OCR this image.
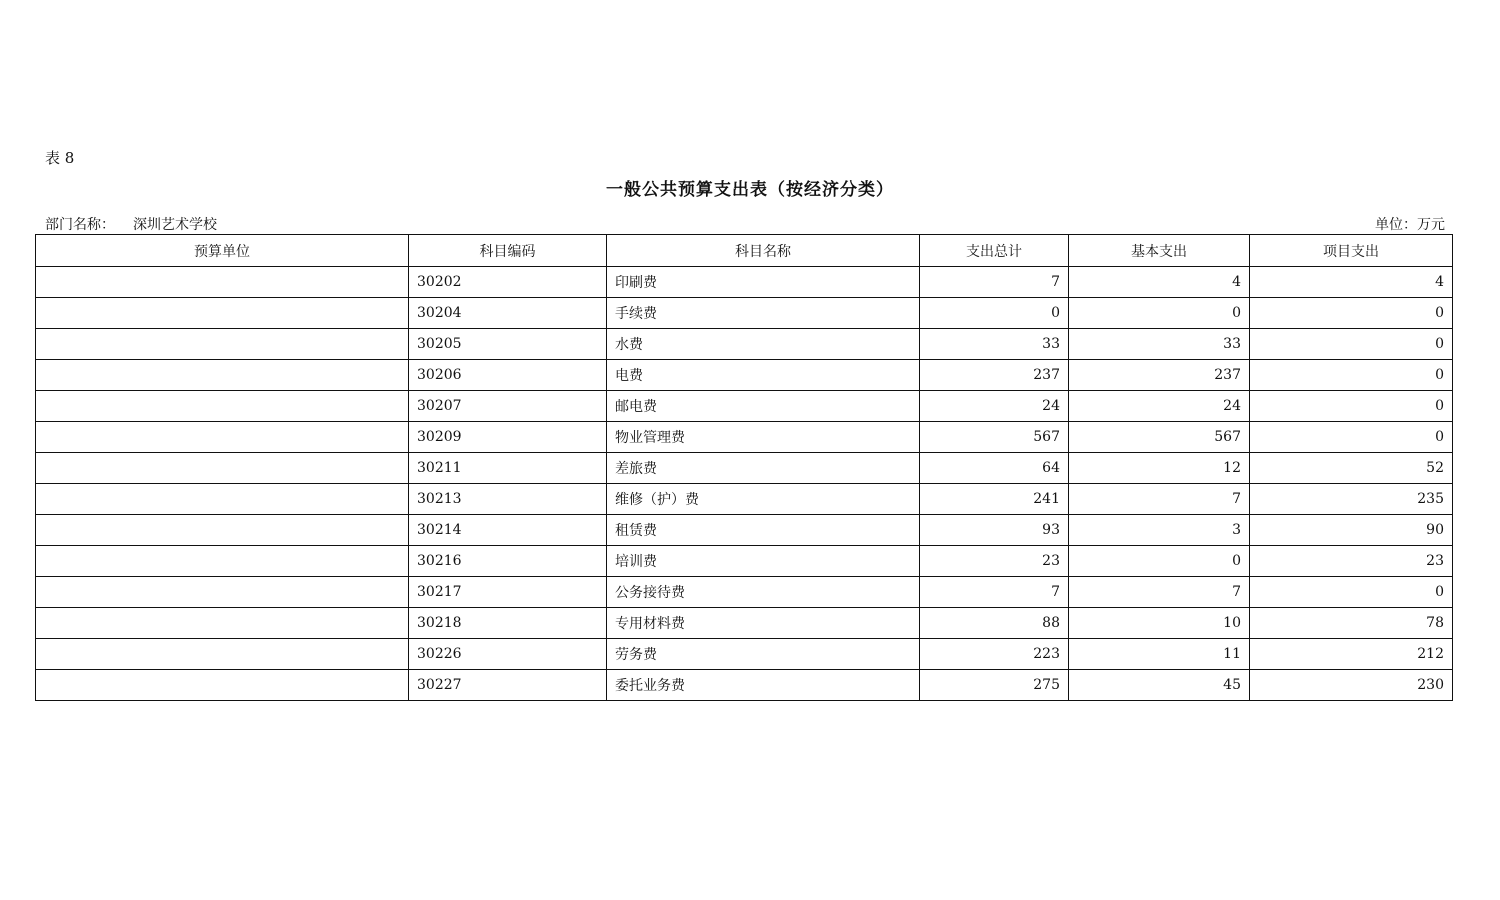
表 8
一般公共预算支出表（按经济分类）
部门名称： 深圳艺术学校	单位：万元
预算单位	科目编码	科目名称	支出总计	基本支出	项目支出
	30202	印刷费	7	4	4
	30204	手续费	0	0	0
	30205	水费	33	33	0
	30206	电费	237	237	0
	30207	邮电费	24	24	0
	30209	物业管理费	567	567	0
	30211	差旅费	64	12	52
	30213	维修（护）费	241	7	235
	30214	租赁费	93	3	90
	30216	培训费	23	0	23
	30217	公务接待费	7	7	0
	30218	专用材料费	88	10	78
	30226	劳务费	223	11	212
	30227	委托业务费	275	45	230
